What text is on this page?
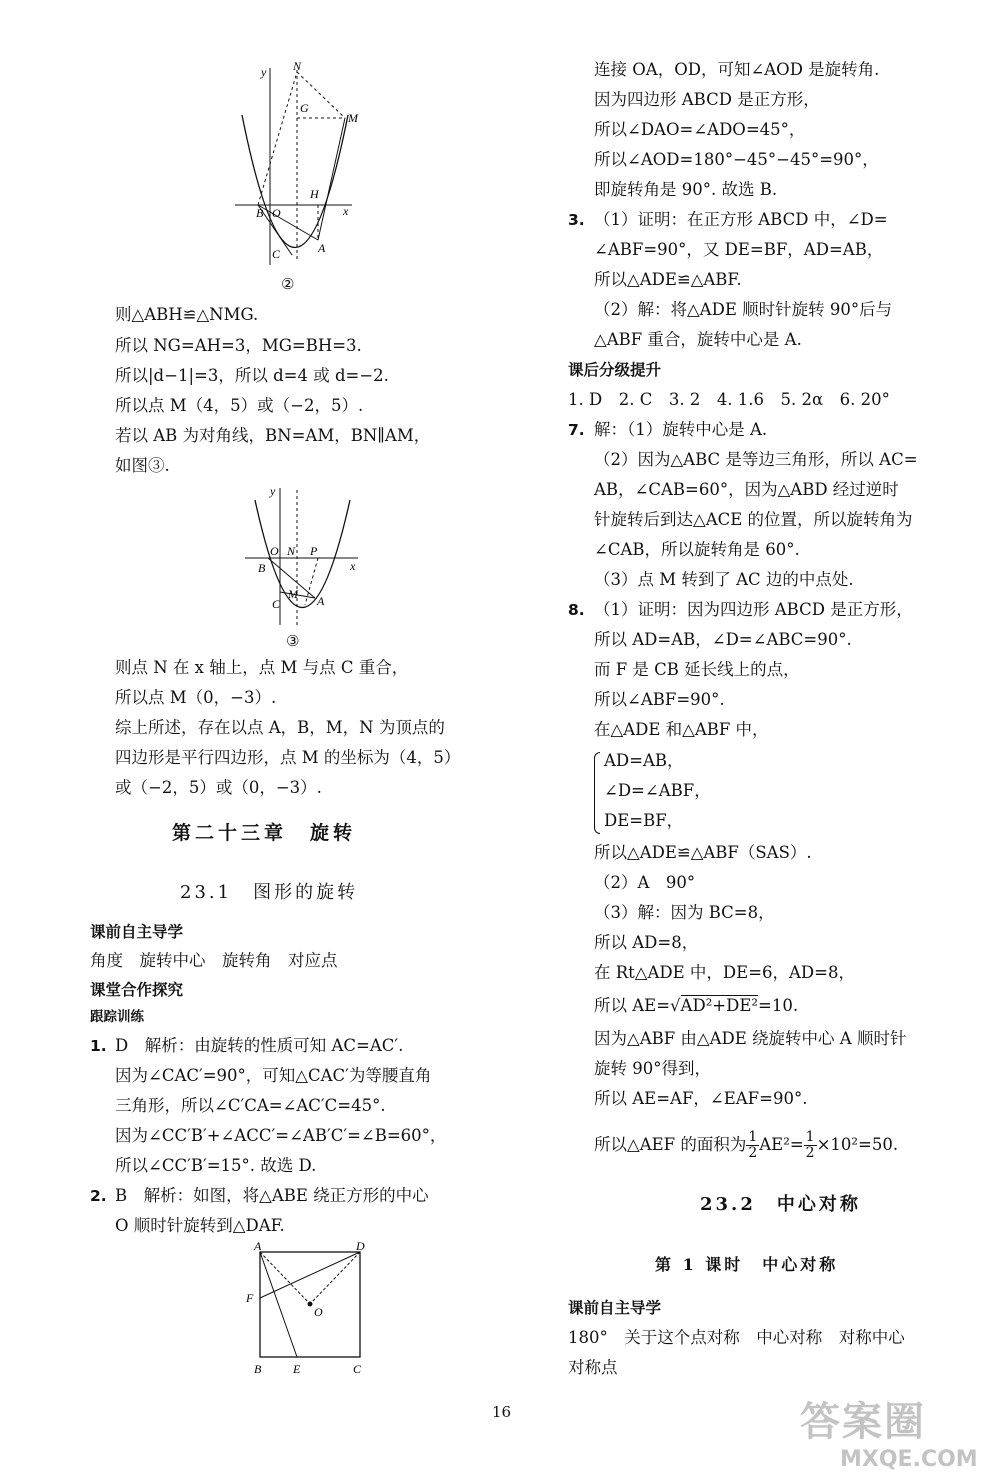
y N
G
M
H
B O	x
C	A
②
则△ABH≌△NMG.
所以 NG=AH=3，MG=BH=3.
所以|d−1|=3，所以 d=4 或 d=−2.
所以点 M（4，5）或（−2，5）.
若以 AB 为对角线，BN=AM，BN∥AM，
如图③.
y
O N P
x
B
M
C	A
③
则点 N 在 x 轴上，点 M 与点 C 重合，
所以点 M（0，−3）.
综上所述，存在以点 A，B，M，N 为顶点的
四边形是平行四边形，点 M 的坐标为（4，5）
或（−2，5）或（0，−3）.
第二十三章　旋转
23.1　图形的旋转
课前自主导学
角度　旋转中心　旋转角　对应点
课堂合作探究
跟踪训练
1. D　解析：由旋转的性质可知 AC=AC′.
因为∠CAC′=90°，可知△CAC′为等腰直角
三角形，所以∠C′CA=∠AC′C=45°.
因为∠CC′B′+∠ACC′=∠AB′C′=∠B=60°，
所以∠CC′B′=15°. 故选 D.
2. B　解析：如图，将△ABE 绕正方形的中心
O 顺时针旋转到△DAF.
A	D
F
O
B	E	C
连接 OA，OD，可知∠AOD 是旋转角.
因为四边形 ABCD 是正方形，
所以∠DAO=∠ADO=45°，
所以∠AOD=180°−45°−45°=90°，
即旋转角是 90°. 故选 B.
3. （1）证明：在正方形 ABCD 中，∠D=
∠ABF=90°，又 DE=BF，AD=AB，
所以△ADE≌△ABF.
（2）解：将△ADE 顺时针旋转 90°后与
△ABF 重合，旋转中心是 A.
课后分级提升
1. D　2. C　3. 2　4. 1.6　5. 2α　6. 20°
7. 解：（1）旋转中心是 A.
（2）因为△ABC 是等边三角形，所以 AC=
AB，∠CAB=60°，因为△ABD 经过逆时
针旋转后到达△ACE 的位置，所以旋转角为
∠CAB，所以旋转角是 60°.
（3）点 M 转到了 AC 边的中点处.
8. （1）证明：因为四边形 ABCD 是正方形，
所以 AD=AB，∠D=∠ABC=90°.
而 F 是 CB 延长线上的点，
所以∠ABF=90°.
在△ADE 和△ABF 中，
AD=AB，
∠D=∠ABF，
DE=BF，
所以△ADE≌△ABF（SAS）.
（2）A　90°
（3）解：因为 BC=8，
所以 AD=8，
在 Rt△ADE 中，DE=6，AD=8，
所以 AE=√AD²+DE²=10.
因为△ABF 由△ADE 绕旋转中心 A 顺时针
旋转 90°得到，
所以 AE=AF，∠EAF=90°.
所以△AEF 的面积为 $\frac{1}{2} AE^2= \frac{1}{2} \times 10^2=50$.
23.2　中心对称
第 1 课时　中心对称
课前自主导学
180°　关于这个点对称　中心对称　对称中心
对称点
16	答案圈
MXQE.COM
